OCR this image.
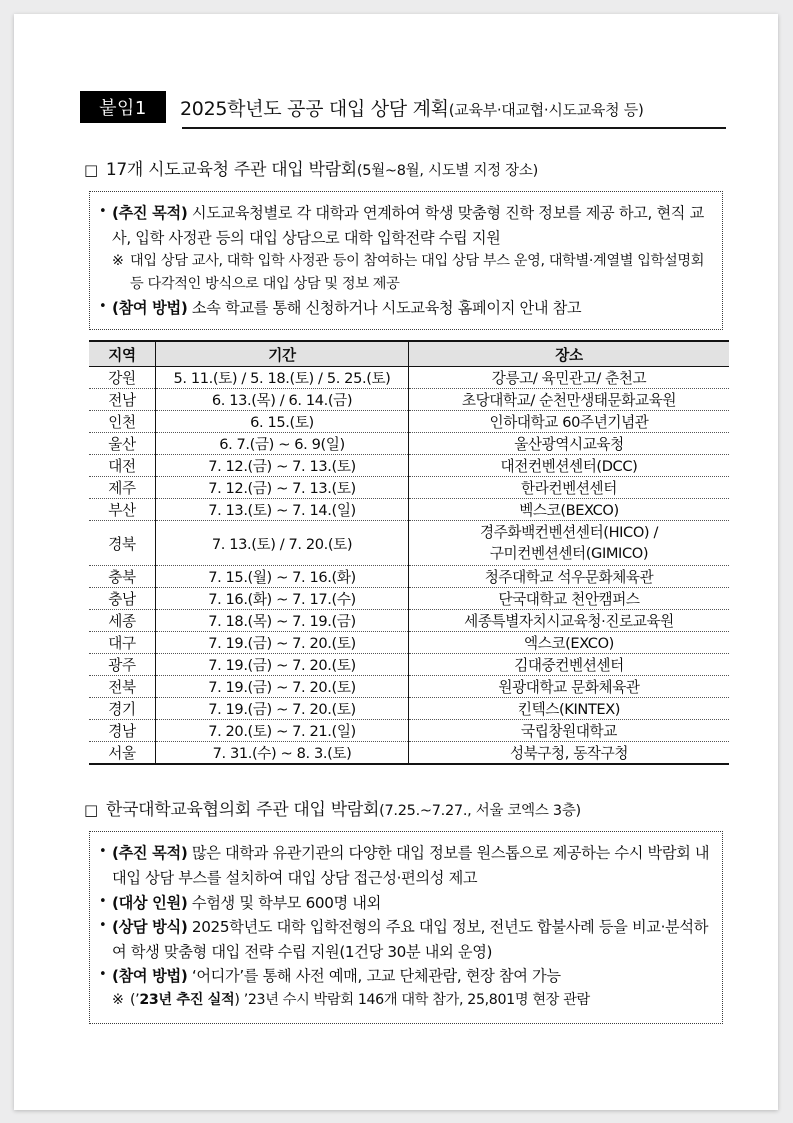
붙임1	2025학년도 공공 대입 상담 계획(교육부·대교협·시도교육청 등)
□ 17개 시도교육청 주관 대입 박람회(5월~8월, 시도별 지정 장소)
• (추진 목적) 시도교육청별로 각 대학과 연계하여 학생 맞춤형 진학 정보를 제공 하고, 현직 교사, 입학 사정관 등의 대입 상담으로 대학 입학전략 수립 지원
※ 대입 상담 교사, 대학 입학 사정관 등이 참여하는 대입 상담 부스 운영, 대학별·계열별 입학설명회 등 다각적인 방식으로 대입 상담 및 정보 제공
• (참여 방법) 소속 학교를 통해 신청하거나 시도교육청 홈페이지 안내 참고
지역	기간	장소
강원	5. 11.(토) / 5. 18.(토) / 5. 25.(토)	강릉고/ 육민관고/ 춘천고
전남	6. 13.(목) / 6. 14.(금)	초당대학교/ 순천만생태문화교육원
인천	6. 15.(토)	인하대학교 60주년기념관
울산	6. 7.(금) ~ 6. 9(일)	울산광역시교육청
대전	7. 12.(금) ~ 7. 13.(토)	대전컨벤션센터(DCC)
제주	7. 12.(금) ~ 7. 13.(토)	한라컨벤션센터
부산	7. 13.(토) ~ 7. 14.(일)	벡스코(BEXCO)
경북	7. 13.(토) / 7. 20.(토)	경주화백컨벤션센터(HICO) /
구미컨벤션센터(GIMICO)
충북	7. 15.(월) ~ 7. 16.(화)	청주대학교 석우문화체육관
충남	7. 16.(화) ~ 7. 17.(수)	단국대학교 천안캠퍼스
세종	7. 18.(목) ~ 7. 19.(금)	세종특별자치시교육청·진로교육원
대구	7. 19.(금) ~ 7. 20.(토)	엑스코(EXCO)
광주	7. 19.(금) ~ 7. 20.(토)	김대중컨벤션센터
전북	7. 19.(금) ~ 7. 20.(토)	원광대학교 문화체육관
경기	7. 19.(금) ~ 7. 20.(토)	킨텍스(KINTEX)
경남	7. 20.(토) ~ 7. 21.(일)	국립창원대학교
서울	7. 31.(수) ~ 8. 3.(토)	성북구청, 동작구청
□ 한국대학교육협의회 주관 대입 박람회(7.25.~7.27., 서울 코엑스 3층)
• (추진 목적) 많은 대학과 유관기관의 다양한 대입 정보를 원스톱으로 제공하는 수시 박람회 내 대입 상담 부스를 설치하여 대입 상담 접근성·편의성 제고
• (대상 인원) 수험생 및 학부모 600명 내외
• (상담 방식) 2025학년도 대학 입학전형의 주요 대입 정보, 전년도 합불사례 등을 비교·분석하여 학생 맞춤형 대입 전략 수립 지원(1건당 30분 내외 운영)
• (참여 방법) ‘어디가’를 통해 사전 예매, 고교 단체관람, 현장 참여 가능
※ (’23년 추진 실적) ’23년 수시 박람회 146개 대학 참가, 25,801명 현장 관람
